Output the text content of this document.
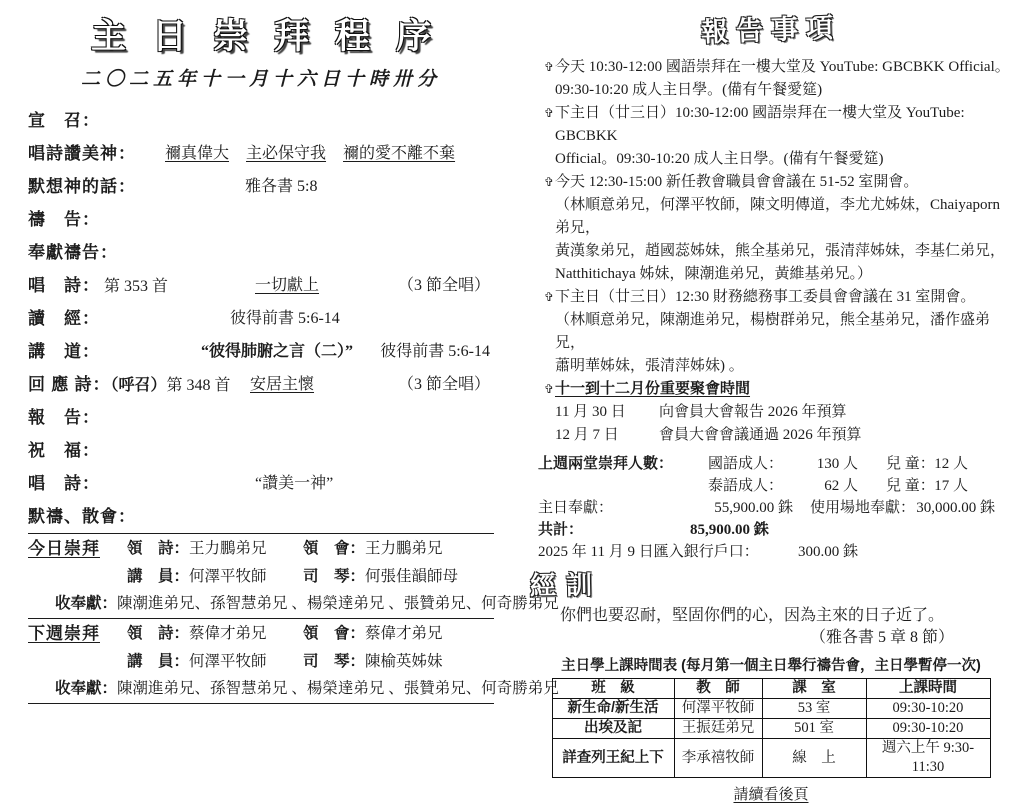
主日崇拜程序
二〇二五年十一月十六日十時卅分
宣　召：
唱詩讚美神： 禰真偉大 主必保守我 禰的愛不離不棄
默想神的話：	雅各書 5:8
禱　告：
奉獻禱告：
唱　詩： 第 353 首	一切獻上	（3 節全唱）
讀　經：	彼得前書 5:6-14
講　道：	“彼得肺腑之言（二）” 彼得前書 5:6-14
回 應 詩：（呼召）第 348 首 安居主懷	（3 節全唱）
報　告：
祝　福：
唱　詩：	“讚美一神”
默禱、散會：
今日崇拜 領　詩：王力鵬弟兄 領　會：王力鵬弟兄
講　員：何澤平牧師 司　琴：何張佳韻師母
收奉獻：陳潮進弟兄、孫智慧弟兄 、楊榮達弟兄 、張贊弟兄、何奇勝弟兄
下週崇拜 領　詩：蔡偉才弟兄 領　會：蔡偉才弟兄
講　員：何澤平牧師 司　琴：陳榆英姊妹
收奉獻：陳潮進弟兄、孫智慧弟兄 、楊榮達弟兄 、張贊弟兄、何奇勝弟兄
報告事項
✞ 今天 10:30-12:00 國語崇拜在一樓大堂及 YouTube: GBCBKK Official。
09:30-10:20 成人主日學。(備有午餐愛筵)
✞ 下主日（廿三日）10:30-12:00 國語崇拜在一樓大堂及 YouTube: GBCBKK
Official。09:30-10:20 成人主日學。(備有午餐愛筵)
✞ 今天 12:30-15:00 新任教會職員會會議在 51-52 室開會。
（林順意弟兄，何澤平牧師，陳文明傳道，李尤尤姊妹，Chaiyaporn 弟兄，
黃漢象弟兄，趙國蕊姊妹，熊全基弟兄，張清萍姊妹，李基仁弟兄，
Natthitichaya 姊妹，陳潮進弟兄，黃維基弟兄。）
✞ 下主日（廿三日）12:30 財務總務事工委員會會議在 31 室開會。
（林順意弟兄，陳潮進弟兄，楊樹群弟兄，熊全基弟兄，潘作盛弟兄，
蕭明華姊妹，張清萍姊妹) 。
✞ 十一到十二月份重要聚會時間
11 月 30 日	向會員大會報告 2026 年預算
12 月 7 日	會員大會會議通過 2026 年預算
上週兩堂崇拜人數： 國語成人：	130 人 兒 童： 12 人
泰語成人：	62 人 兒 童： 17 人
主日奉獻：	55,900.00 銖 使用場地奉獻： 30,000.00 銖
共計：	85,900.00 銖
2025 年 11 月 9 日匯入銀行戶口：	300.00 銖
經訓
你們也要忍耐，堅固你們的心，因為主來的日子近了。
（雅各書 5 章 8 節）
主日學上課時間表 (每月第一個主日舉行禱告會，主日學暫停一次)
班　級	教　師	課　室	上課時間
新生命/新生活	何澤平牧師	53 室	09:30-10:20
出埃及記	王振廷弟兄	501 室	09:30-10:20
詳查列王紀上下	李承禧牧師	線　上	週六上午 9:30-11:30
請續看後頁
